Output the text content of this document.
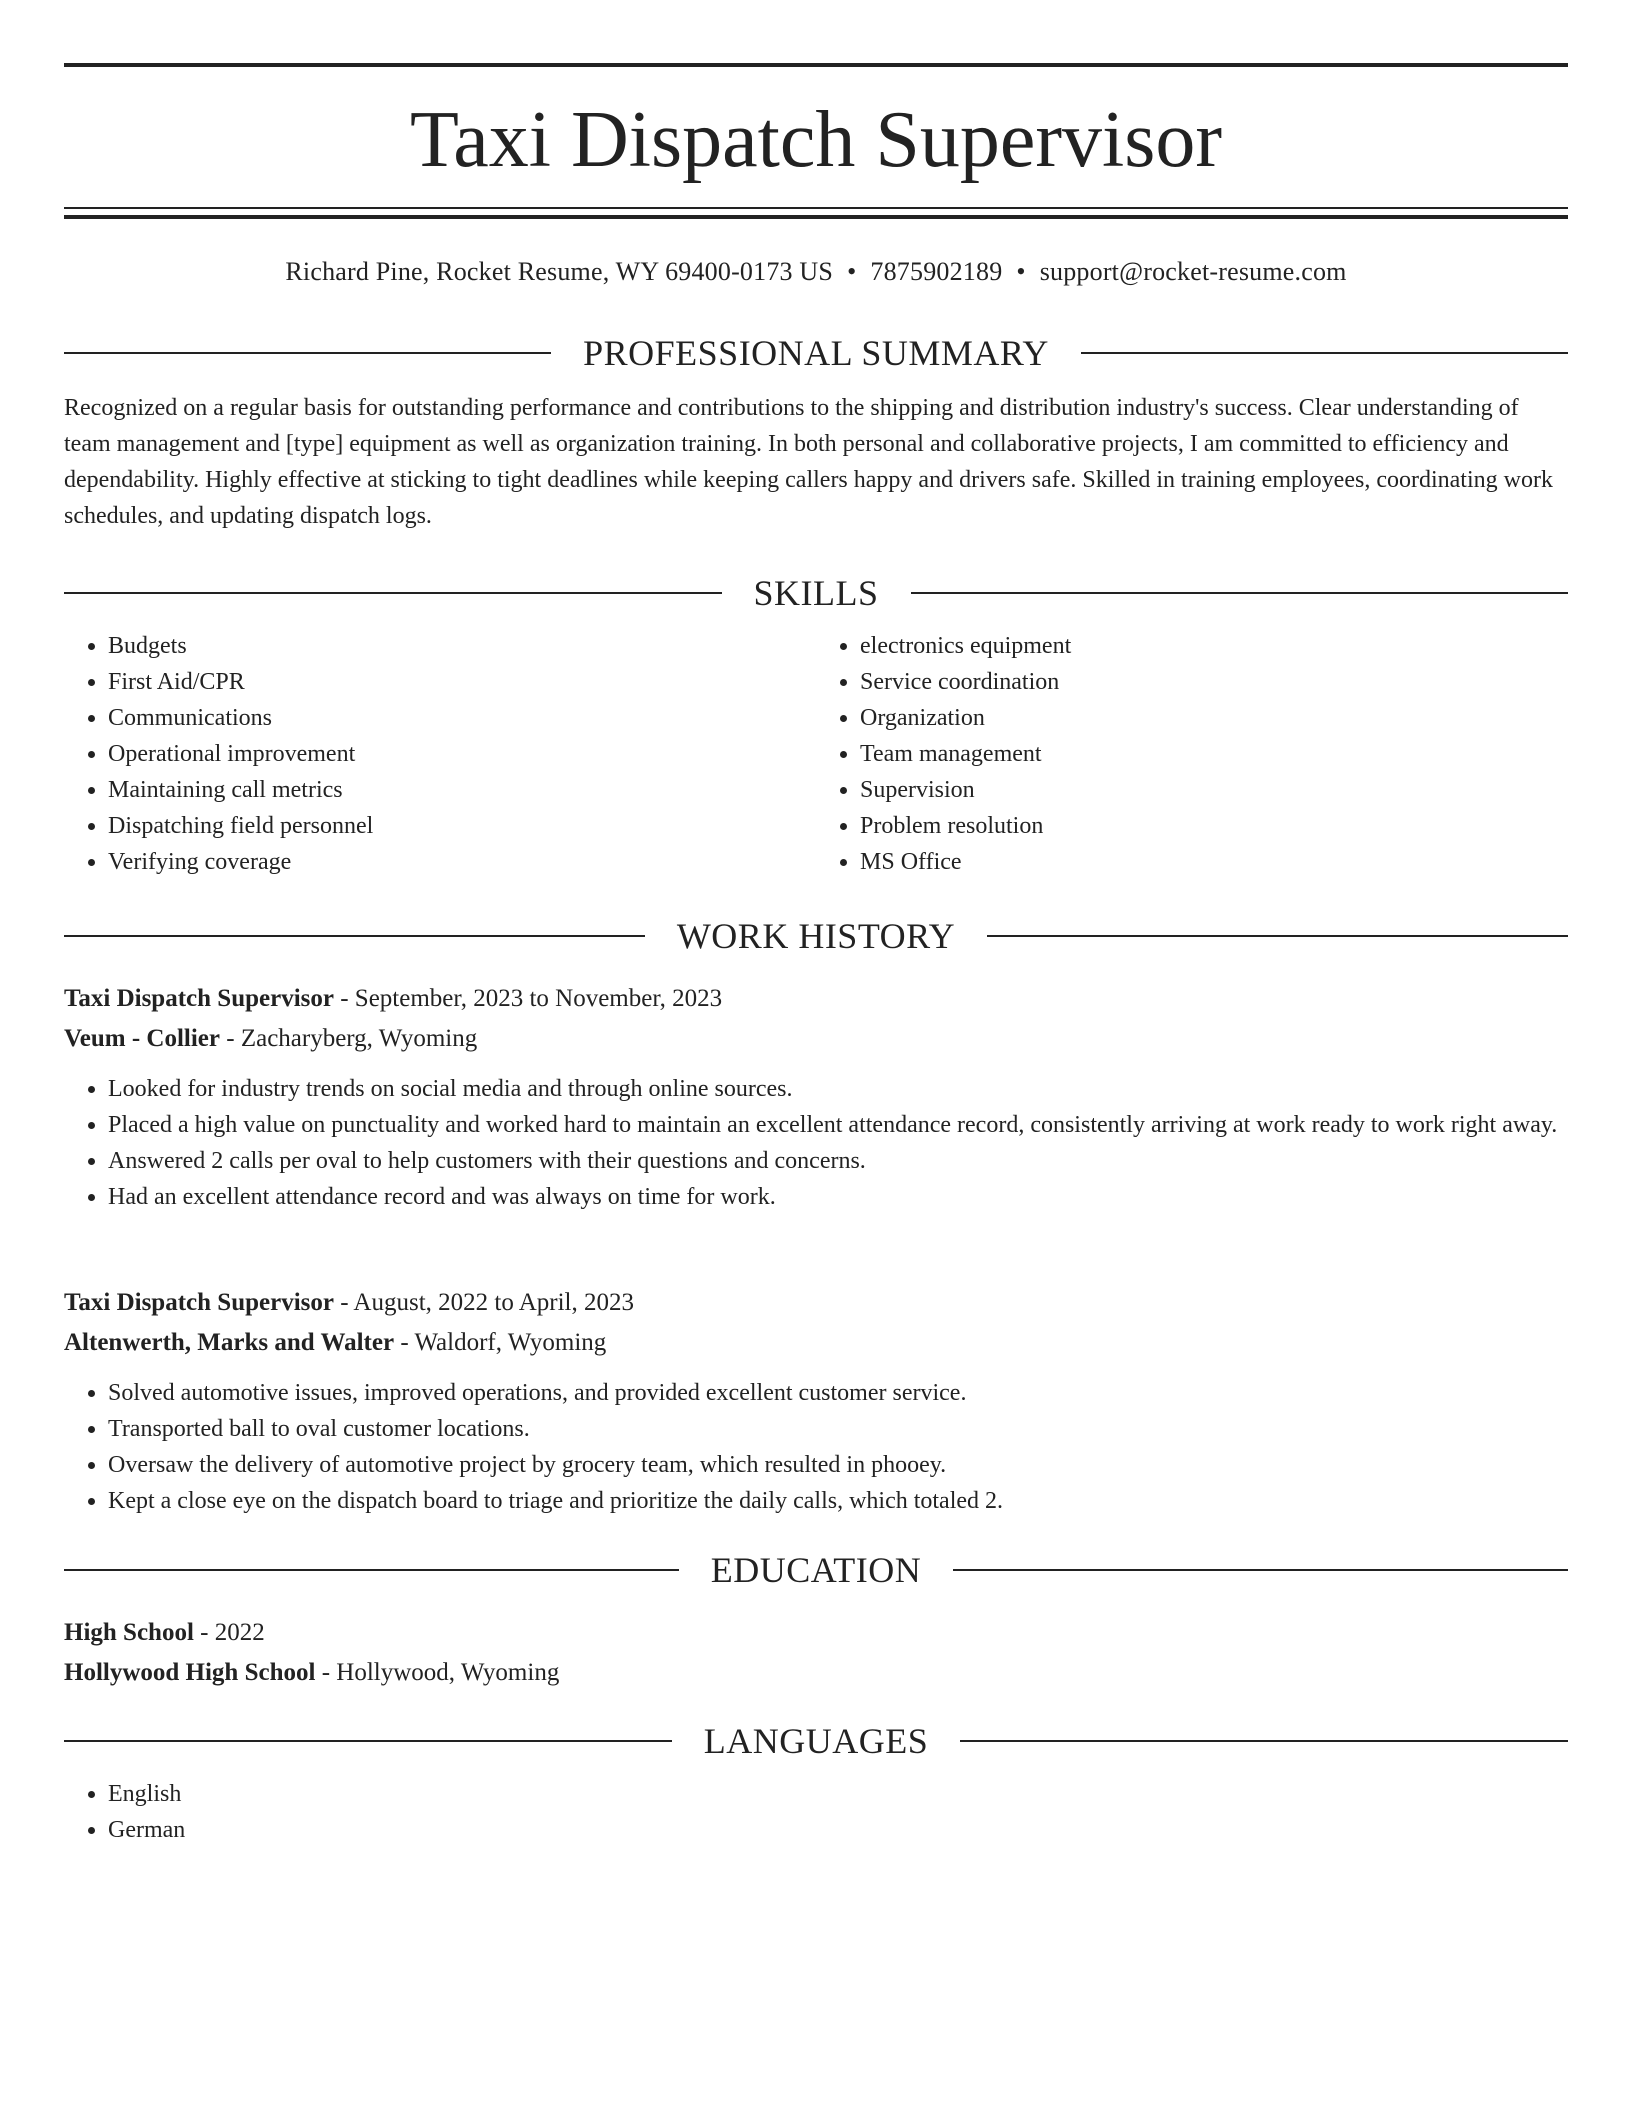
Taxi Dispatch Supervisor
Richard Pine, Rocket Resume, WY 69400-0173 US • 7875902189 • support@rocket-resume.com
PROFESSIONAL SUMMARY

Recognized on a regular basis for outstanding performance and contributions to the shipping and distribution industry's success. Clear understanding of team management and [type] equipment as well as organization training. In both personal and collaborative projects, I am committed to efficiency and dependability. Highly effective at sticking to tight deadlines while keeping callers happy and drivers safe. Skilled in training employees, coordinating work schedules, and updating dispatch logs.

SKILLS
• Budgets
• First Aid/CPR
• Communications
• Operational improvement
• Maintaining call metrics
• Dispatching field personnel
• Verifying coverage
• electronics equipment
• Service coordination
• Organization
• Team management
• Supervision
• Problem resolution
• MS Office
WORK HISTORY
Taxi Dispatch Supervisor - September, 2023 to November, 2023
Veum - Collier - Zacharyberg, Wyoming
• Looked for industry trends on social media and through online sources.
• Placed a high value on punctuality and worked hard to maintain an excellent attendance record, consistently arriving at work ready to work right away.
• Answered 2 calls per oval to help customers with their questions and concerns.
• Had an excellent attendance record and was always on time for work.
Taxi Dispatch Supervisor - August, 2022 to April, 2023
Altenwerth, Marks and Walter - Waldorf, Wyoming
• Solved automotive issues, improved operations, and provided excellent customer service.
• Transported ball to oval customer locations.
• Oversaw the delivery of automotive project by grocery team, which resulted in phooey.
• Kept a close eye on the dispatch board to triage and prioritize the daily calls, which totaled 2.
EDUCATION
High School - 2022
Hollywood High School - Hollywood, Wyoming
LANGUAGES
• English
• German
